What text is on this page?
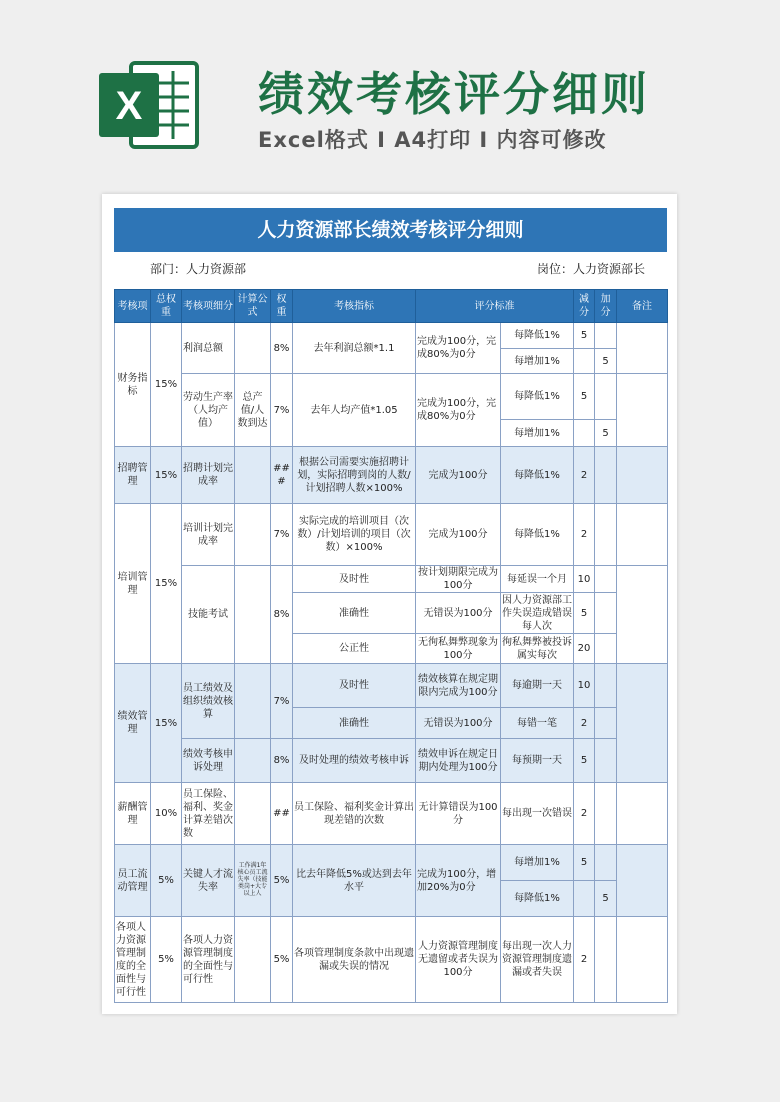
X	绩效考核评分细则
Excel格式 I A4打印 I 内容可修改
人力资源部长绩效考核评分细则
部门：人力资源部	岗位：人力资源部长
考核项	总权重	考核项细分	计算公式	权重	考核指标	评分标准		减分	加分	备注
财务指标	15%	利润总额		8%	去年利润总额*1.1	完成为100分，完成80%为0分	每降低1%	5		
							每增加1%		5	
		劳动生产率（人均产值）	总产值/人数到达	7%	去年人均产值*1.05	完成为100分，完成80%为0分	每降低1%	5		
							每增加1%		5	
招聘管理	15%	招聘计划完成率		###	根据公司需要实施招聘计划，实际招聘到岗的人数/计划招聘人数×100%	完成为100分	每降低1%	2		
培训管理	15%	培训计划完成率		7%	实际完成的培训项目（次数）/计划培训的项目（次数）×100%	完成为100分	每降低1%	2		
		技能考试		8%	及时性	按计划期限完成为100分	每延误一个月	10		
					准确性	无错误为100分	因人力资源部工作失误造成错误每人次	5		
					公正性	无徇私舞弊现象为100分	徇私舞弊被投诉属实每次	20		
绩效管理	15%	员工绩效及组织绩效核算		7%	及时性	绩效核算在规定期限内完成为100分	每逾期一天	10		
					准确性	无错误为100分	每错一笔	2		
		绩效考核申诉处理		8%	及时处理的绩效考核申诉	绩效申诉在规定日期内处理为100分	每预期一天	5		
薪酬管理	10%	员工保险、福利、奖金计算差错次数		##	员工保险、福利奖金计算出现差错的次数	无计算错误为100分	每出现一次错误	2		
员工流动管理	5%	关键人才流失率	工作满1年核心员工流失率（技能类岗+大专以上人	5%	比去年降低5%或达到去年水平	完成为100分，增加20%为0分	每增加1%	5		
							每降低1%		5	
各项人力资源管理制度的全面性与可行性	5%	各项人力资源管理制度的全面性与可行性		5%	各项管理制度条款中出现遗漏或失误的情况	人力资源管理制度无遗留或者失误为100分	每出现一次人力资源管理制度遗漏或者失误	2		
